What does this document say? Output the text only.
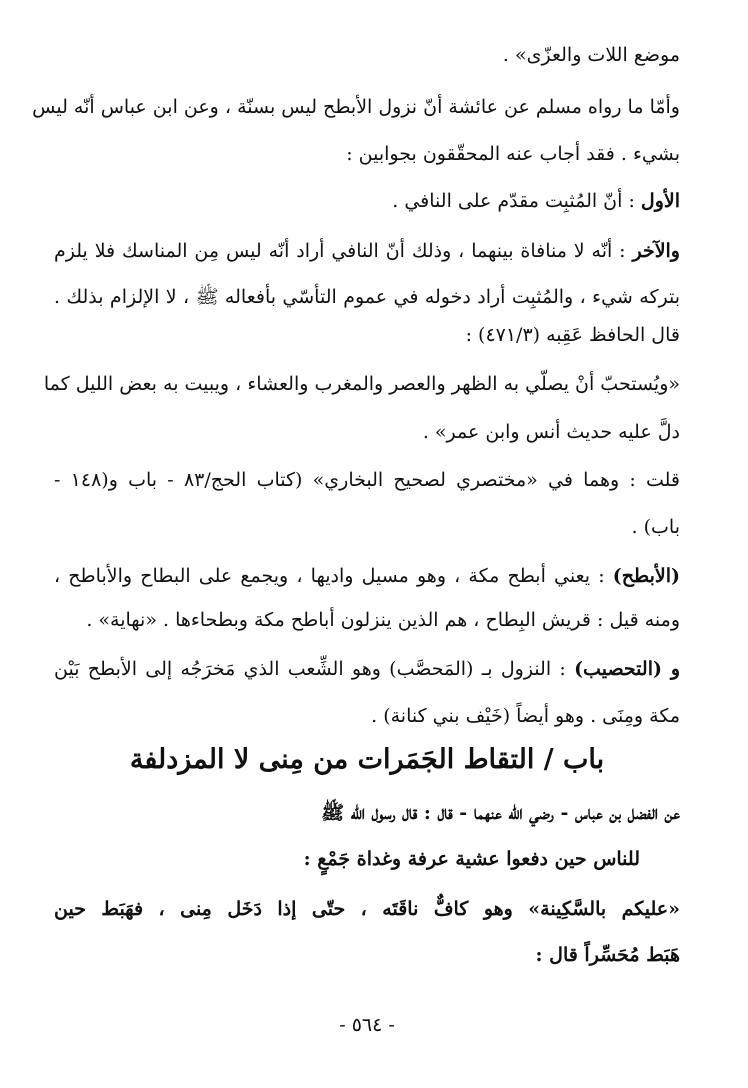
موضع اللات والعزّى» .
وأمّا ما رواه مسلم عن عائشة أنّ نزول الأبطح ليس بسنّة ، وعن ابن عباس أنّه ليس
بشيء . فقد أجاب عنه المحقّقون بجوابين :
الأول : أنّ المُثبِت مقدّم على النافي .
والآخر : أنّه لا منافاة بينهما ، وذلك أنّ النافي أراد أنّه ليس مِن المناسك فلا يلزم
بتركه شيء ، والمُثبِت أراد دخوله في عموم التأسّي بأفعاله ﷺ ، لا الإلزام بذلك .
قال الحافظ عَقِبه (٤٧١/٣) :
«ويُستحبّ أنْ يصلّي به الظهر والعصر والمغرب والعشاء ، ويبيت به بعض الليل كما
دلَّ عليه حديث أنس وابن عمر» .
قلت : وهما في «مختصري لصحيح البخاري» (كتاب الحج/٨٣ - باب و(١٤٨ -
باب) .
(الأبطح) : يعني أبطح مكة ، وهو مسيل واديها ، ويجمع على البطاح والأباطح ،
ومنه قيل : قريش البِطاح ، هم الذين ينزلون أباطح مكة وبطحاءها . «نهاية» .
و (التحصيب) : النزول بـ (المَحصَّب) وهو الشِّعب الذي مَخرَجُه إلى الأبطح بَيْن
مكة ومِنَى . وهو أيضاً (خَيْف بني كنانة) .
باب / التقاط الجَمَرات من مِنى لا المزدلفة
عن الفضل بن عباس - رضي الله عنهما - قال : قال رسول الله ﷺ
للناس حين دفعوا عشية عرفة وغداة جَمْعٍ :
«عليكم بالسَّكِينة» وهو كافٌّ ناقَتَه ، حتّى إذا دَخَل مِنى ، فهَبَط حين
هَبَط مُحَسِّراً قال :
- ٥٦٤ -
